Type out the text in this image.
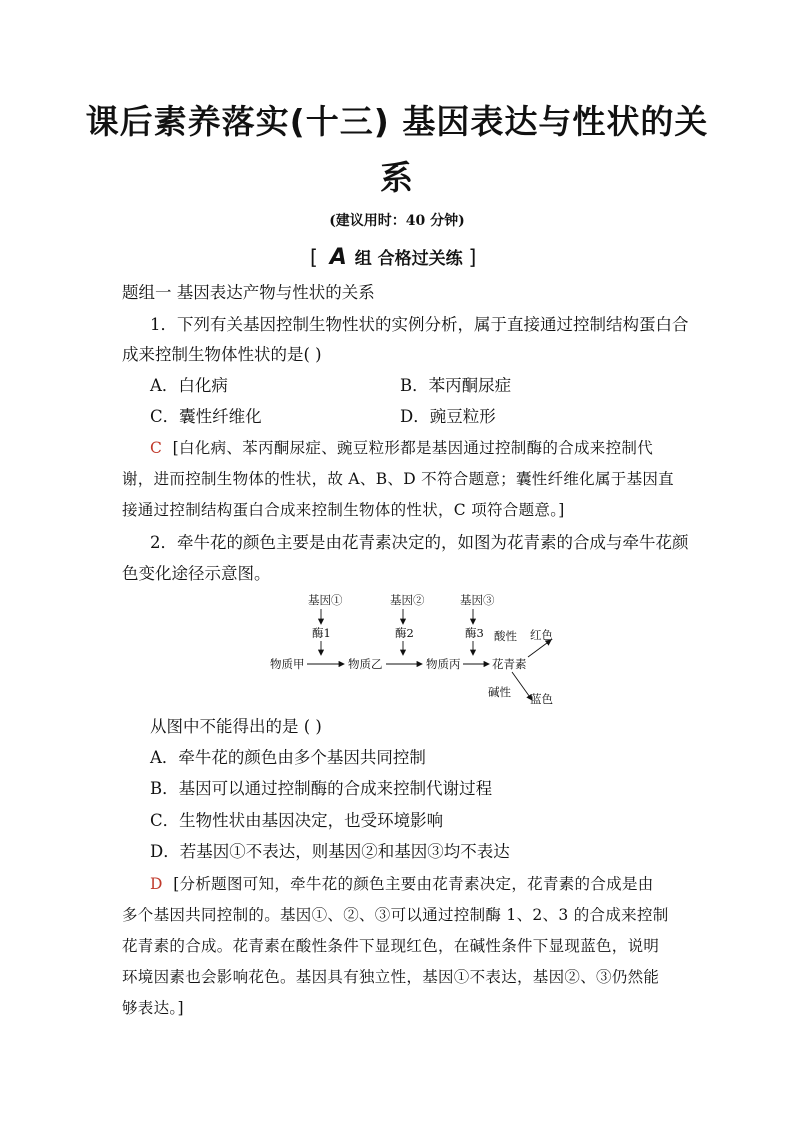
课后素养落实(十三) 基因表达与性状的关
系
(建议用时：40 分钟)
[ A 组 合格过关练 ]
题组一 基因表达产物与性状的关系
1．下列有关基因控制生物性状的实例分析，属于直接通过控制结构蛋白合
成来控制生物体性状的是( )
A．白化病	B．苯丙酮尿症
C．囊性纤维化	D．豌豆粒形
C [白化病、苯丙酮尿症、豌豆粒形都是基因通过控制酶的合成来控制代
谢，进而控制生物体的性状，故 A、B、D 不符合题意；囊性纤维化属于基因直
接通过控制结构蛋白合成来控制生物体的性状，C 项符合题意。]
2．牵牛花的颜色主要是由花青素决定的，如图为花青素的合成与牵牛花颜
色变化途径示意图。
基因①	基因②	基因③
酶1	酶2	酶3
物质甲	物质乙	物质丙	花青素
酸性 红色
碱性 蓝色
从图中不能得出的是 ( )
A．牵牛花的颜色由多个基因共同控制
B．基因可以通过控制酶的合成来控制代谢过程
C．生物性状由基因决定，也受环境影响
D．若基因①不表达，则基因②和基因③均不表达
D [分析题图可知，牵牛花的颜色主要由花青素决定，花青素的合成是由
多个基因共同控制的。基因①、②、③可以通过控制酶 1、2、3 的合成来控制
花青素的合成。花青素在酸性条件下显现红色，在碱性条件下显现蓝色，说明
环境因素也会影响花色。基因具有独立性，基因①不表达，基因②、③仍然能
够表达。]
